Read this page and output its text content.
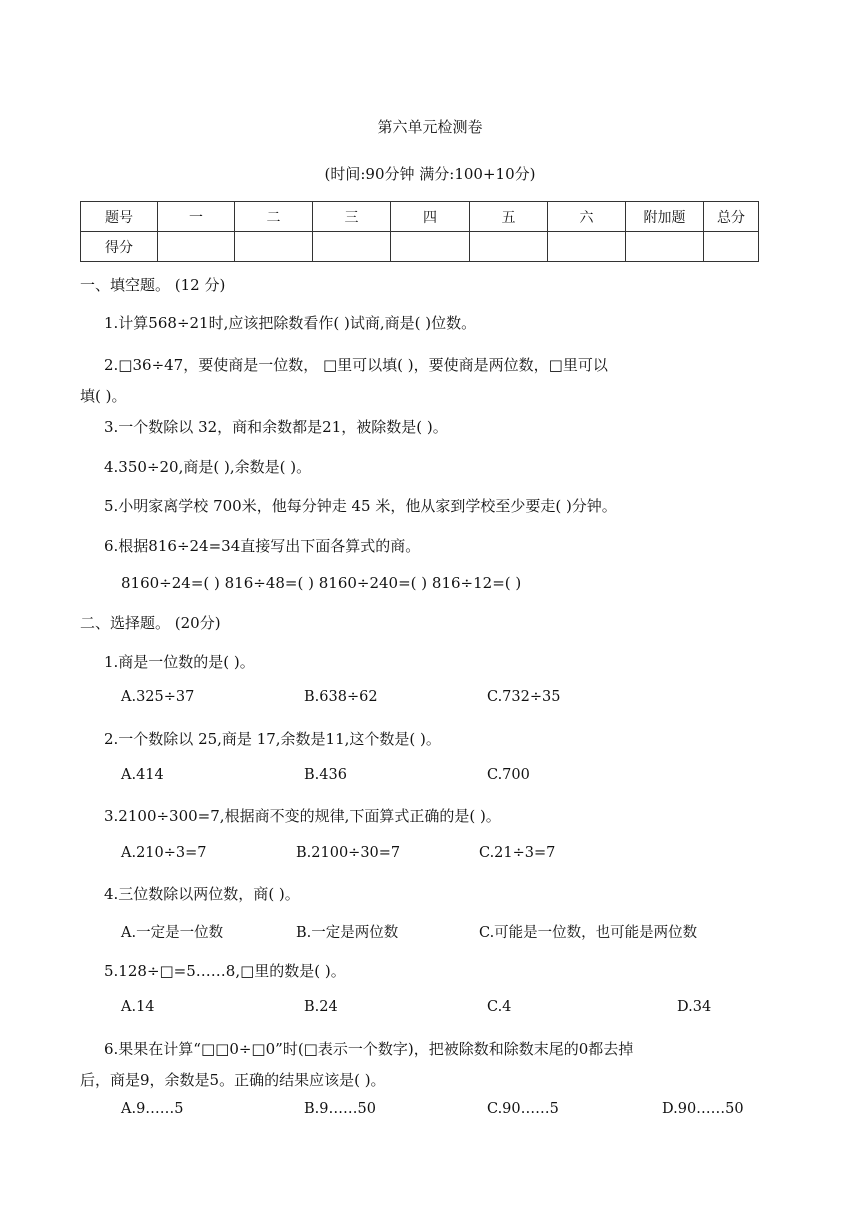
第六单元检测卷
(时间:90分钟 满分:100+10分)
题号	一	二	三	四	五	六	附加题	总分
得分								
一、填空题。 (12 分)
1.计算568÷21时,应该把除数看作( )试商,商是( )位数。
2.□36÷47，要使商是一位数， □里可以填( )，要使商是两位数，□里可以
填( )。
3.一个数除以 32，商和余数都是21，被除数是( )。
4.350÷20,商是( ),余数是( )。
5.小明家离学校 700米，他每分钟走 45 米，他从家到学校至少要走( )分钟。
6.根据816÷24=34直接写出下面各算式的商。
8160÷24=( ) 816÷48=( ) 8160÷240=( ) 816÷12=( )
二、选择题。 (20分)
1.商是一位数的是( )。
A.325÷37	B.638÷62	C.732÷35
2.一个数除以 25,商是 17,余数是11,这个数是( )。
A.414	B.436	C.700
3.2100÷300=7,根据商不变的规律,下面算式正确的是( )。
A.210÷3=7	B.2100÷30=7	C.21÷3=7
4.三位数除以两位数，商( )。
A.一定是一位数	B.一定是两位数	C.可能是一位数，也可能是两位数
5.128÷□=5……8,□里的数是( )。
A.14	B.24	C.4	D.34
6.果果在计算“□□0÷□0”时(□表示一个数字)，把被除数和除数末尾的0都去掉
后，商是9，余数是5。正确的结果应该是( )。
A.9……5	B.9……50	C.90……5	D.90……50
